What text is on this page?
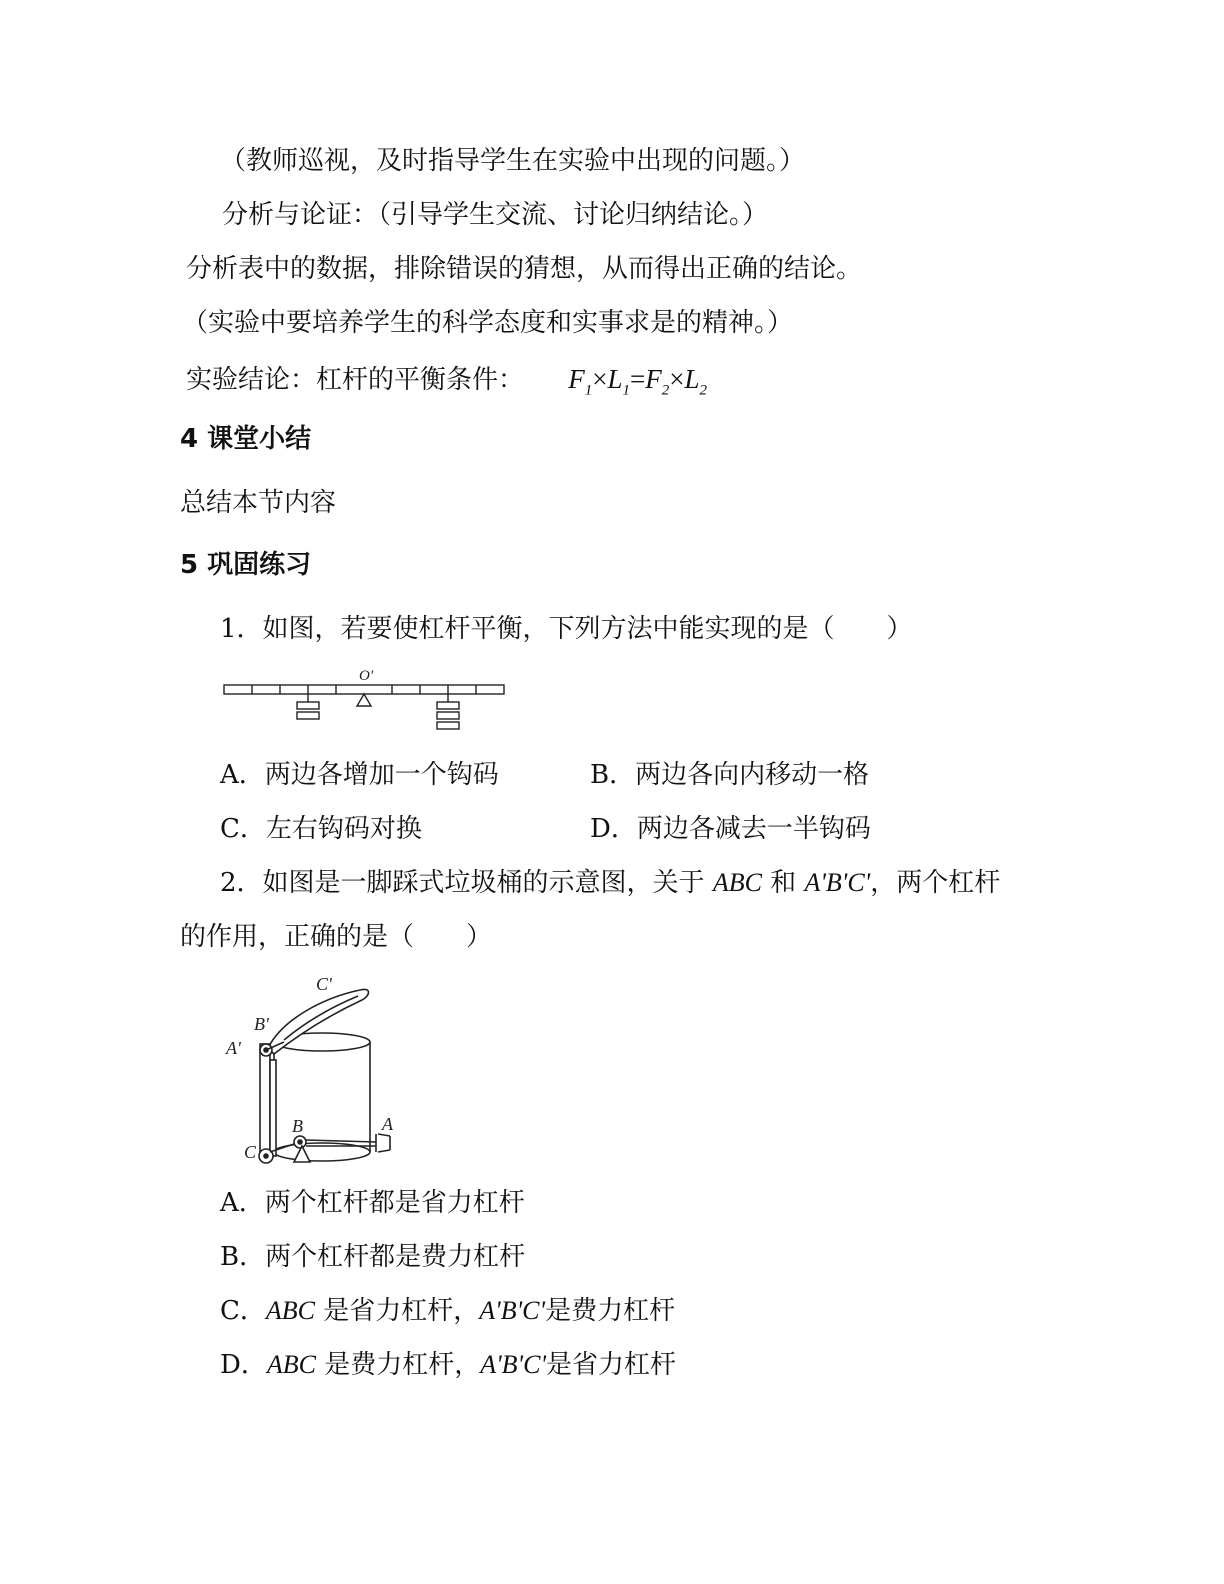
（教师巡视，及时指导学生在实验中出现的问题。）
分析与论证：（引导学生交流、讨论归纳结论。）
分析表中的数据，排除错误的猜想，从而得出正确的结论。
（实验中要培养学生的科学态度和实事求是的精神。）
实验结论：杠杆的平衡条件： $F_1\times L_1=F_2\times L_2$
4 课堂小结
总结本节内容
5 巩固练习
1．如图，若要使杠杆平衡，下列方法中能实现的是（　　）
O'
A．两边各增加一个钩码	B．两边各向内移动一格
C．左右钩码对换	D．两边各减去一半钩码
2．如图是一脚踩式垃圾桶的示意图，关于 ABC 和 A'B'C'，两个杠杆
的作用，正确的是（　　）
C'
B'
A'
B	A
C
A．两个杠杆都是省力杠杆
B．两个杠杆都是费力杠杆
C．ABC 是省力杠杆，A'B'C'是费力杠杆
D．ABC 是费力杠杆，A'B'C'是省力杠杆
